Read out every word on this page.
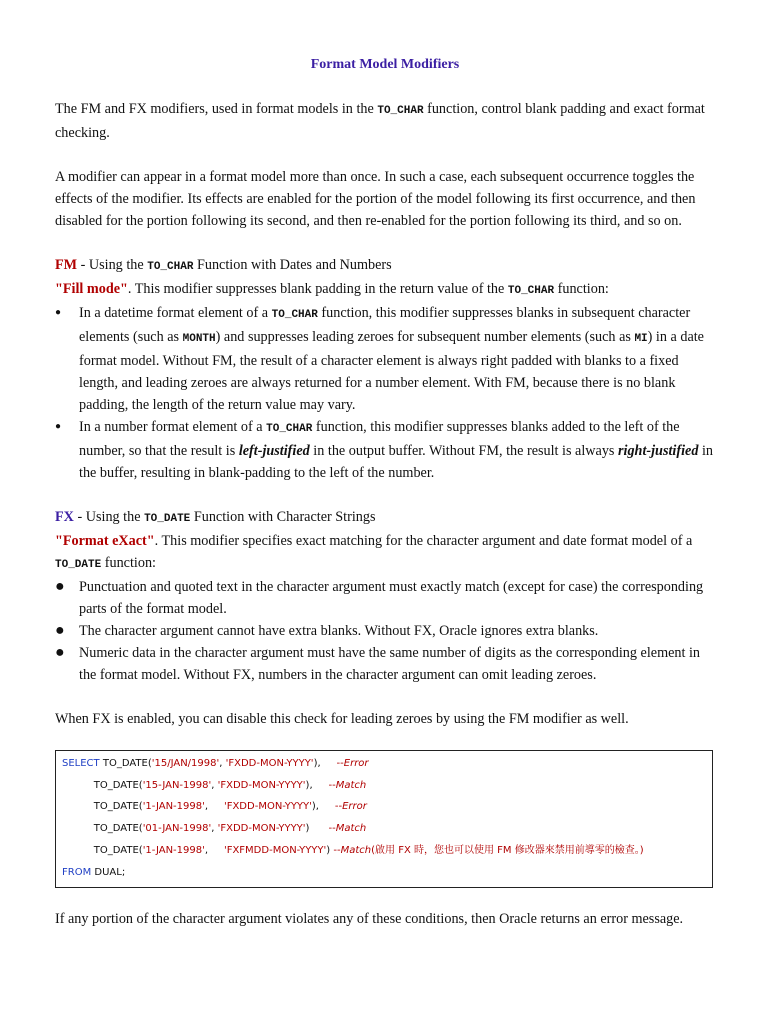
Format Model Modifiers

The FM and FX modifiers, used in format models in the TO_CHAR function, control blank padding and exact format checking.

A modifier can appear in a format model more than once. In such a case, each subsequent occurrence toggles the effects of the modifier. Its effects are enabled for the portion of the model following its first occurrence, and then disabled for the portion following its second, and then re-enabled for the portion following its third, and so on.

FM - Using the TO_CHAR Function with Dates and Numbers

"Fill mode". This modifier suppresses blank padding in the return value of the TO_CHAR function:

● In a datetime format element of a TO_CHAR function, this modifier suppresses blanks in subsequent character elements (such as MONTH) and suppresses leading zeroes for subsequent number elements (such as MI) in a date format model. Without FM, the result of a character element is always right padded with blanks to a fixed length, and leading zeroes are always returned for a number element. With FM, because there is no blank padding, the length of the return value may vary.
● In a number format element of a TO_CHAR function, this modifier suppresses blanks added to the left of the number, so that the result is left-justified in the output buffer. Without FM, the result is always right-justified in the buffer, resulting in blank-padding to the left of the number.

FX - Using the TO_DATE Function with Character Strings

"Format eXact". This modifier specifies exact matching for the character argument and date format model of a TO_DATE function:

● Punctuation and quoted text in the character argument must exactly match (except for case) the corresponding parts of the format model.
● The character argument cannot have extra blanks. Without FX, Oracle ignores extra blanks.
● Numeric data in the character argument must have the same number of digits as the corresponding element in the format model. Without FX, numbers in the character argument can omit leading zeroes.

When FX is enabled, you can disable this check for leading zeroes by using the FM modifier as well.

SELECT TO_DATE('15/JAN/1998', 'FXDD-MON-YYYY'),     --Error
TO_DATE('15-JAN-1998', 'FXDD-MON-YYYY'),     --Match
TO_DATE('1-JAN-1998',     'FXDD-MON-YYYY'),     --Error
TO_DATE('01-JAN-1998', 'FXDD-MON-YYYY')      --Match
TO_DATE('1-JAN-1998',     'FXFMDD-MON-YYYY') --Match(啟用 FX 時，您也可以使用 FM 修改器來禁用前導零的檢查。)
FROM DUAL;

If any portion of the character argument violates any of these conditions, then Oracle returns an error message.
